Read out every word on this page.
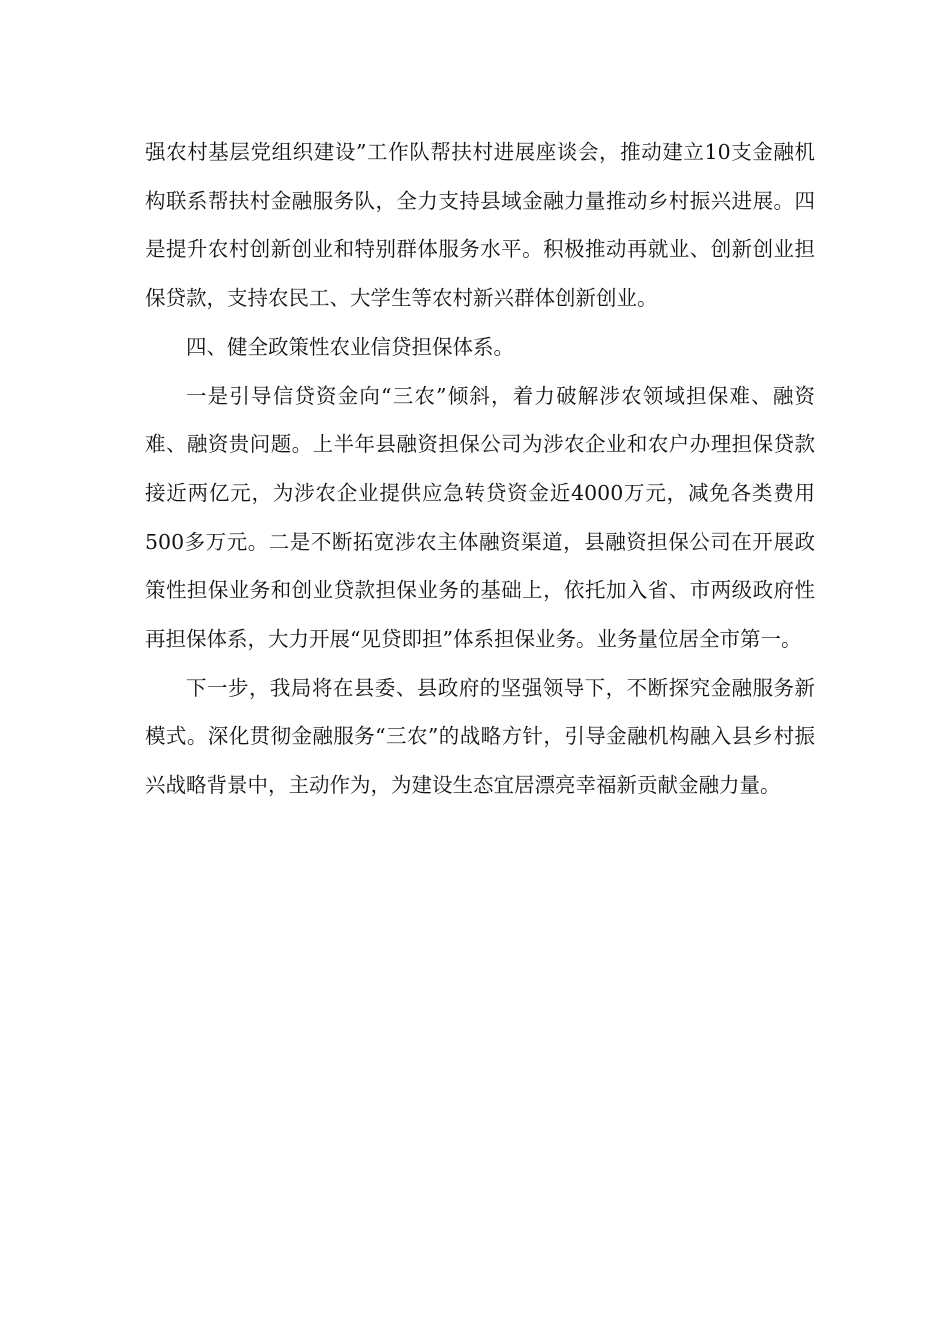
强农村基层党组织建设”工作队帮扶村进展座谈会，推动建立10支金融机构联系帮扶村金融服务队，全力支持县域金融力量推动乡村振兴进展。四是提升农村创新创业和特别群体服务水平。积极推动再就业、创新创业担保贷款，支持农民工、大学生等农村新兴群体创新创业。

四、健全政策性农业信贷担保体系。

一是引导信贷资金向“三农”倾斜，着力破解涉农领域担保难、融资难、融资贵问题。上半年县融资担保公司为涉农企业和农户办理担保贷款接近两亿元，为涉农企业提供应急转贷资金近4000万元，减免各类费用500多万元。二是不断拓宽涉农主体融资渠道，县融资担保公司在开展政策性担保业务和创业贷款担保业务的基础上，依托加入省、市两级政府性再担保体系，大力开展“见贷即担”体系担保业务。业务量位居全市第一。

下一步，我局将在县委、县政府的坚强领导下，不断探究金融服务新模式。深化贯彻金融服务“三农”的战略方针，引导金融机构融入县乡村振兴战略背景中，主动作为，为建设生态宜居漂亮幸福新贡献金融力量。
